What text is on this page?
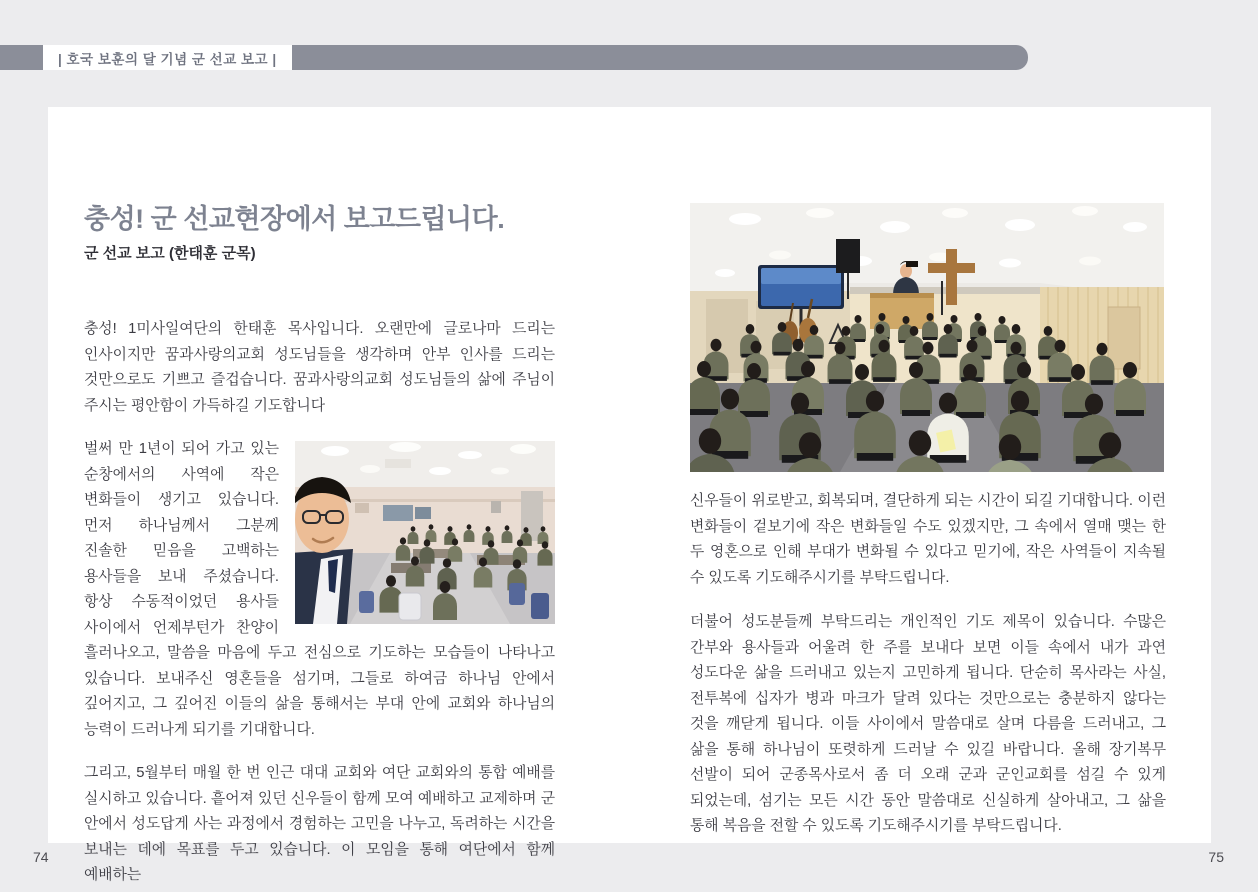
| 호국 보훈의 달 기념 군 선교 보고 |
충성! 군 선교현장에서 보고드립니다.
군 선교 보고 (한태훈 군목)

충성! 1미사일여단의 한태훈 목사입니다. 오랜만에 글로나마 드리는 인사이지만 꿈과사랑의교회 성도님들을 생각하며 안부 인사를 드리는 것만으로도 기쁘고 즐겁습니다. 꿈과사랑의교회 성도님들의 삶에 주님이 주시는 평안함이 가득하길 기도합니다

벌써 만 1년이 되어 가고 있는 순창에서의 사역에 작은 변화들이 생기고 있습니다. 먼저 하나님께서 그분께 진솔한 믿음을 고백하는 용사들을 보내 주셨습니다. 항상 수동적이었던 용사들 사이에서 언제부턴가 찬양이 흘러나오고, 말씀을 마음에 두고 전심으로 기도하는 모습들이 나타나고 있습니다. 보내주신 영혼들을 섬기며, 그들로 하여금 하나님 안에서 깊어지고, 그 깊어진 이들의 삶을 통해서는 부대 안에 교회와 하나님의 능력이 드러나게 되기를 기대합니다.

그리고, 5월부터 매월 한 번 인근 대대 교회와 여단 교회와의 통합 예배를 실시하고 있습니다. 흩어져 있던 신우들이 함께 모여 예배하고 교제하며 군 안에서 성도답게 사는 과정에서 경험하는 고민을 나누고, 독려하는 시간을 보내는 데에 목표를 두고 있습니다. 이 모임을 통해 여단에서 함께 예배하는

신우들이 위로받고, 회복되며, 결단하게 되는 시간이 되길 기대합니다. 이런 변화들이 겉보기에 작은 변화들일 수도 있겠지만, 그 속에서 열매 맺는 한 두 영혼으로 인해 부대가 변화될 수 있다고 믿기에, 작은 사역들이 지속될 수 있도록 기도해주시기를 부탁드립니다.

더불어 성도분들께 부탁드리는 개인적인 기도 제목이 있습니다. 수많은 간부와 용사들과 어울려 한 주를 보내다 보면 이들 속에서 내가 과연 성도다운 삶을 드러내고 있는지 고민하게 됩니다. 단순히 목사라는 사실, 전투복에 십자가 병과 마크가 달려 있다는 것만으로는 충분하지 않다는 것을 깨닫게 됩니다. 이들 사이에서 말씀대로 살며 다름을 드러내고, 그 삶을 통해 하나님이 또렷하게 드러날 수 있길 바랍니다. 올해 장기복무 선발이 되어 군종목사로서 좀 더 오래 군과 군인교회를 섬길 수 있게 되었는데, 섬기는 모든 시간 동안 말씀대로 신실하게 살아내고, 그 삶을 통해 복음을 전할 수 있도록 기도해주시기를 부탁드립니다.

74	75
